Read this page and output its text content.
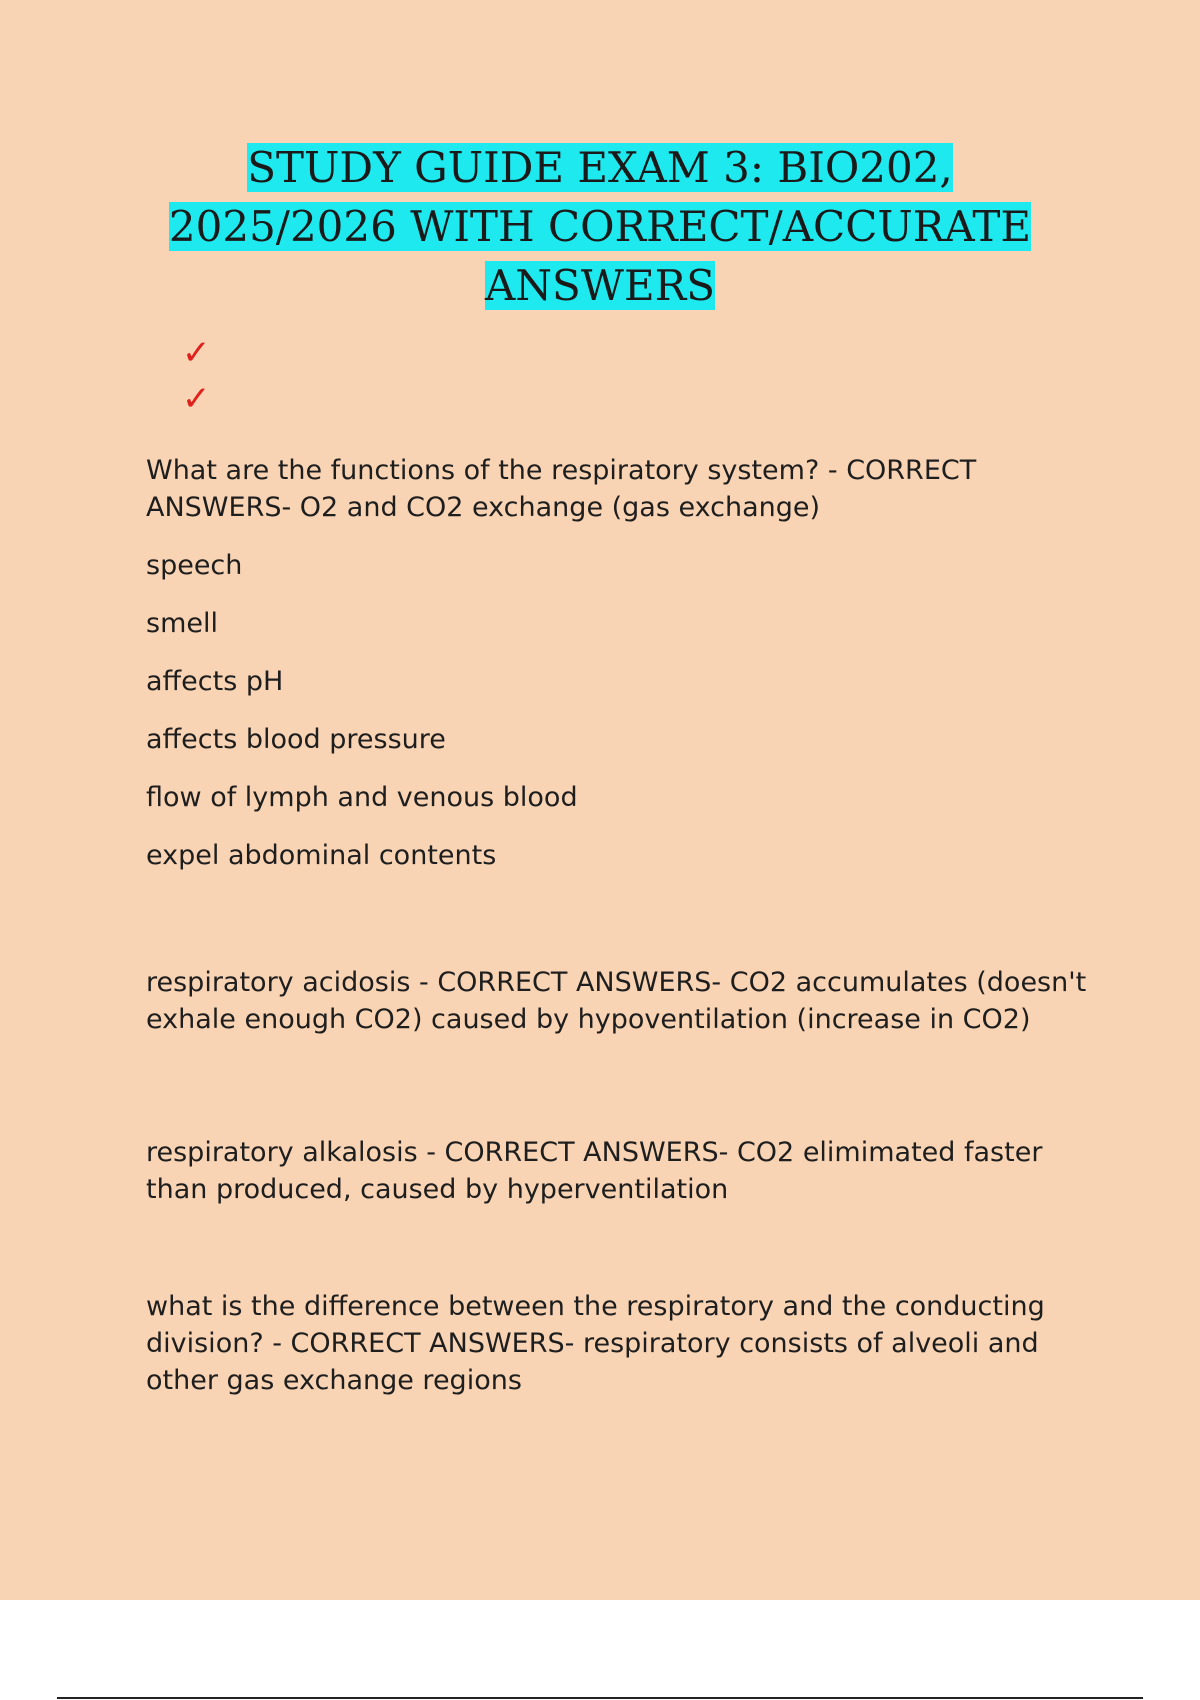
STUDY GUIDE EXAM 3: BIO202,
2025/2026 WITH CORRECT/ACCURATE
ANSWERS
✓
✓

What are the functions of the respiratory system? - CORRECT ANSWERS- O2 and CO2 exchange (gas exchange)

speech

smell

affects pH

affects blood pressure

flow of lymph and venous blood

expel abdominal contents

respiratory acidosis - CORRECT ANSWERS- CO2 accumulates (doesn't exhale enough CO2) caused by hypoventilation (increase in CO2)

respiratory alkalosis - CORRECT ANSWERS- CO2 elimimated faster than produced, caused by hyperventilation

what is the difference between the respiratory and the conducting division? - CORRECT ANSWERS- respiratory consists of alveoli and other gas exchange regions
